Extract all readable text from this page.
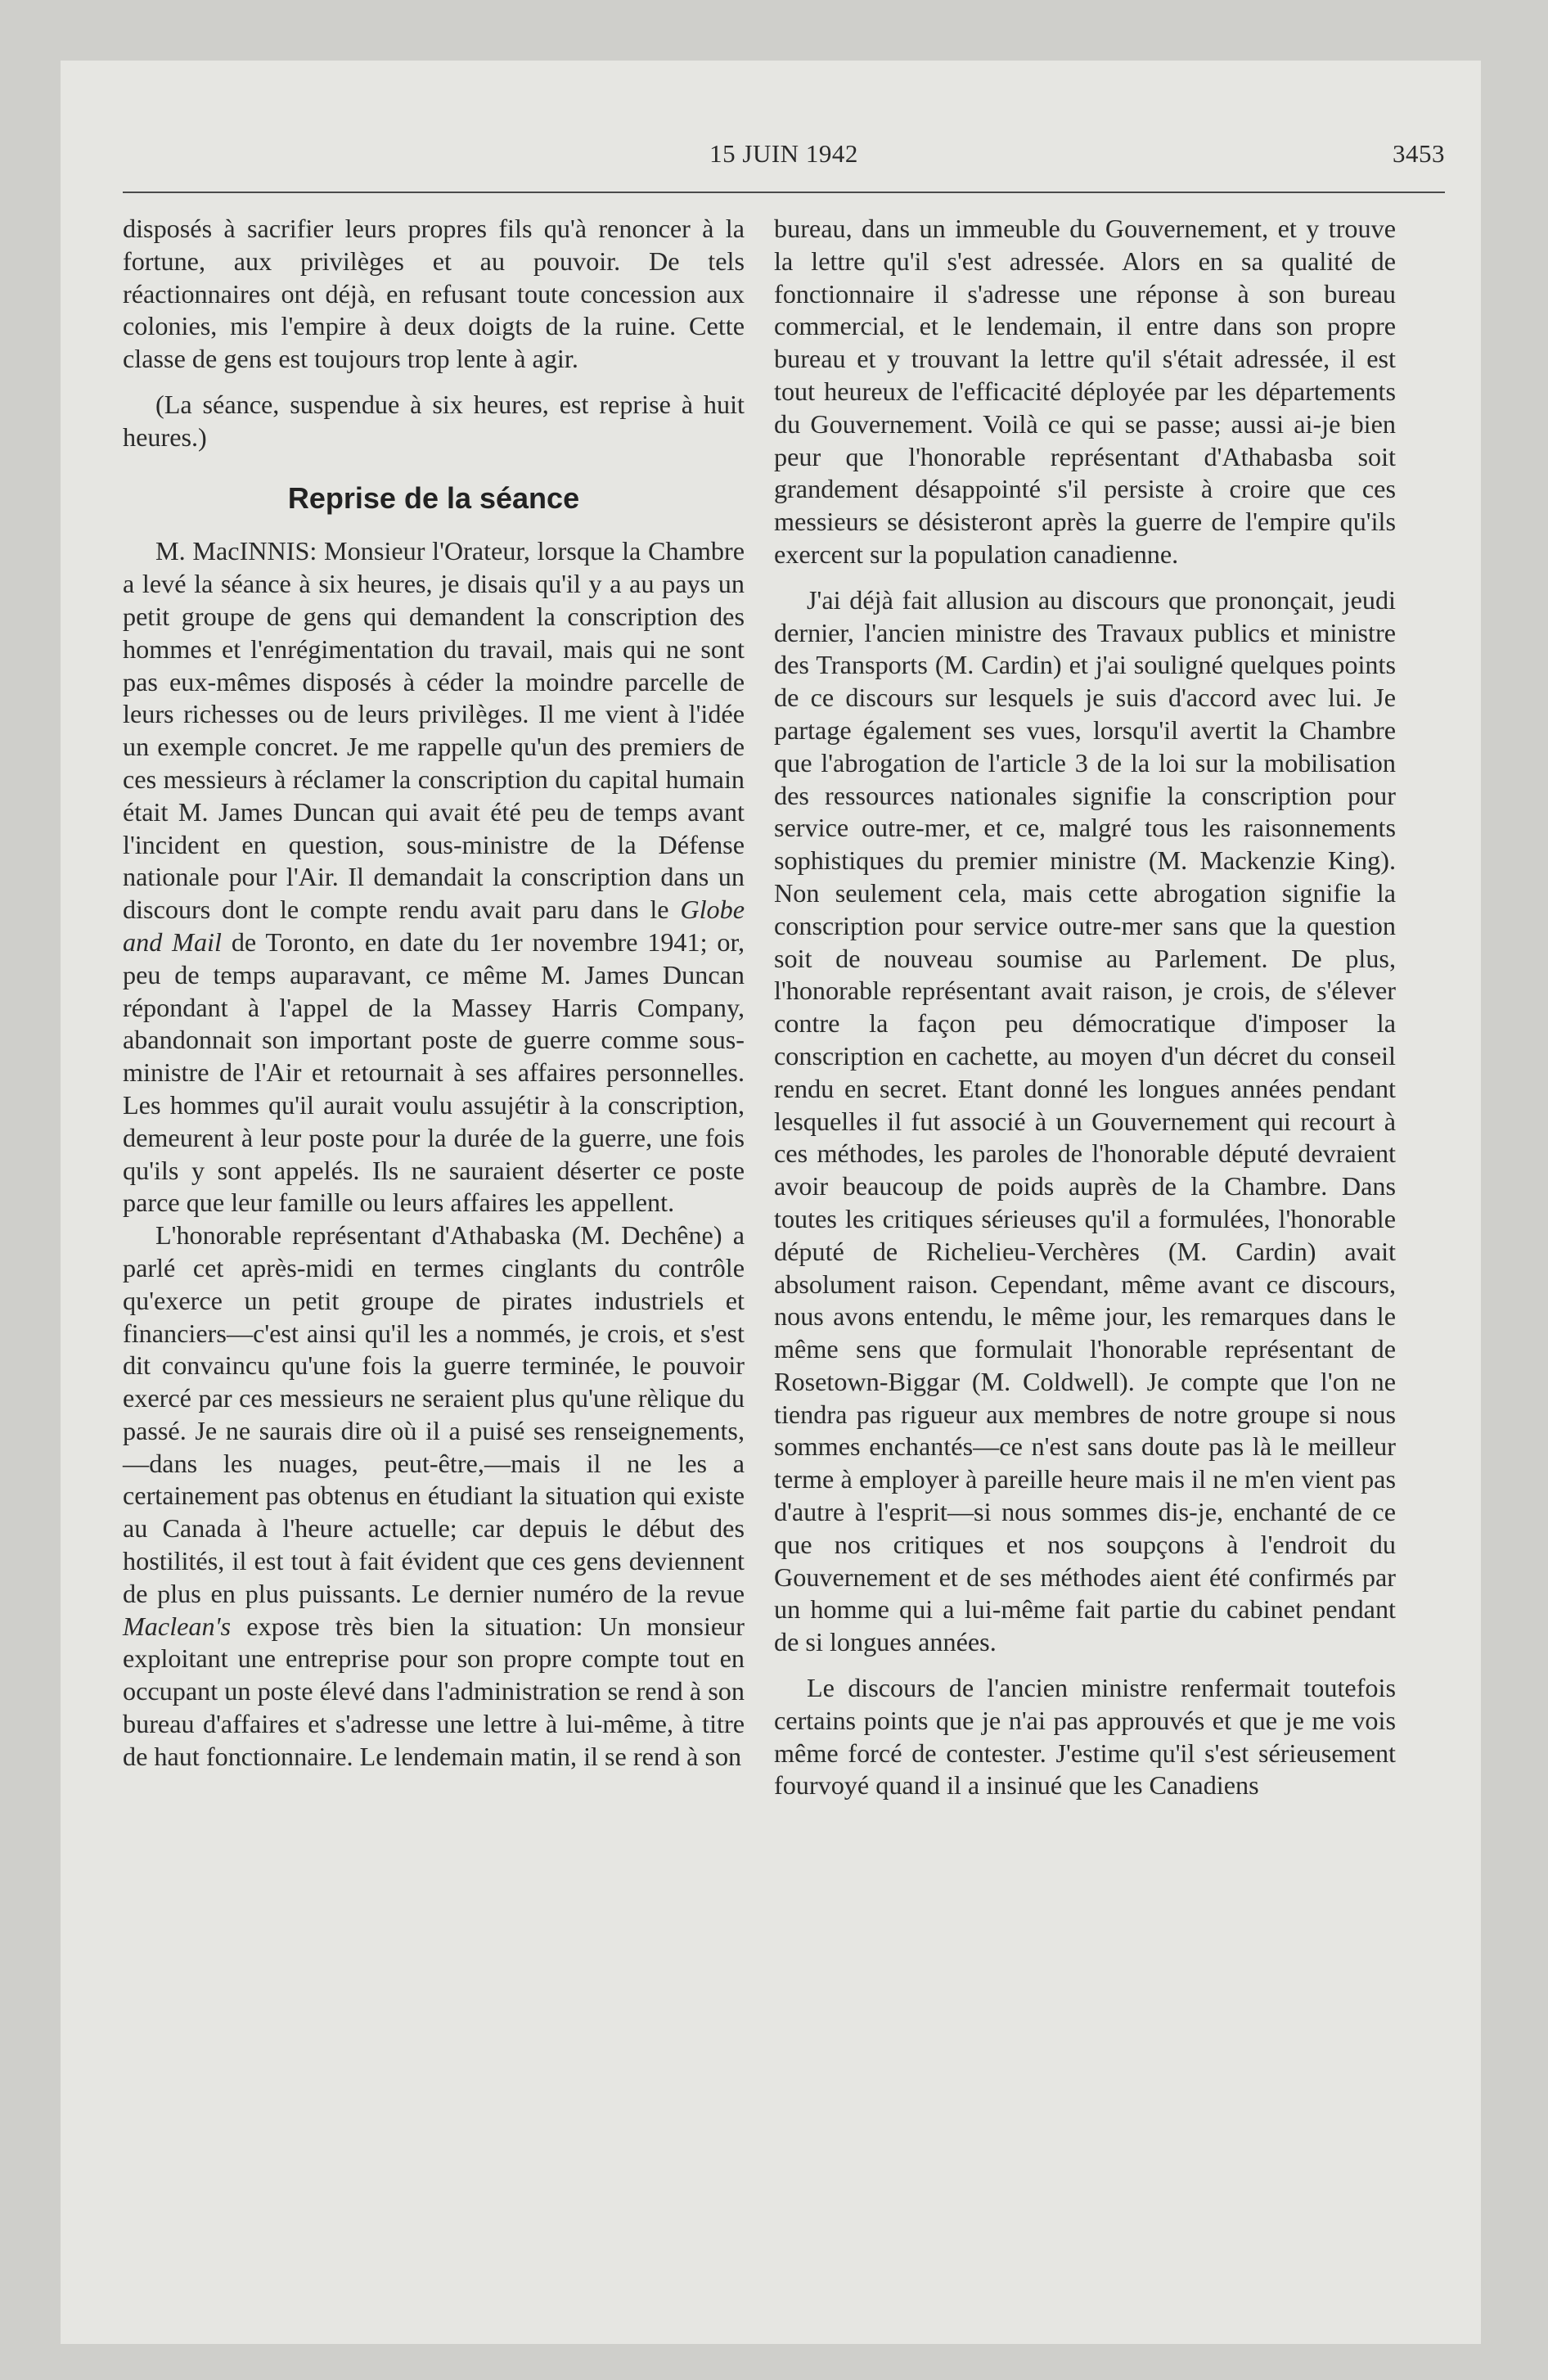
15 JUIN 1942	3453

disposés à sacrifier leurs propres fils qu'à renoncer à la fortune, aux privilèges et au pouvoir. De tels réactionnaires ont déjà, en refusant toute concession aux colonies, mis l'empire à deux doigts de la ruine. Cette classe de gens est toujours trop lente à agir.

(La séance, suspendue à six heures, est reprise à huit heures.)

Reprise de la séance

M. MacINNIS: Monsieur l'Orateur, lorsque la Chambre a levé la séance à six heures, je disais qu'il y a au pays un petit groupe de gens qui demandent la conscription des hommes et l'enrégimentation du travail, mais qui ne sont pas eux-mêmes disposés à céder la moindre parcelle de leurs richesses ou de leurs privilèges. Il me vient à l'idée un exemple concret. Je me rappelle qu'un des premiers de ces messieurs à réclamer la conscription du capital humain était M. James Duncan qui avait été peu de temps avant l'incident en question, sous-ministre de la Défense nationale pour l'Air. Il demandait la conscription dans un discours dont le compte rendu avait paru dans le Globe and Mail de Toronto, en date du 1er novembre 1941; or, peu de temps auparavant, ce même M. James Duncan répondant à l'appel de la Massey Harris Company, abandonnait son important poste de guerre comme sous-ministre de l'Air et retournait à ses affaires personnelles. Les hommes qu'il aurait voulu assujétir à la conscription, demeurent à leur poste pour la durée de la guerre, une fois qu'ils y sont appelés. Ils ne sauraient déserter ce poste parce que leur famille ou leurs affaires les appellent.

L'honorable représentant d'Athabaska (M. Dechêne) a parlé cet après-midi en termes cinglants du contrôle qu'exerce un petit groupe de pirates industriels et financiers—c'est ainsi qu'il les a nommés, je crois, et s'est dit convaincu qu'une fois la guerre terminée, le pouvoir exercé par ces messieurs ne seraient plus qu'une rèlique du passé. Je ne saurais dire où il a puisé ses renseignements,—dans les nuages, peut-être,—mais il ne les a certainement pas obtenus en étudiant la situation qui existe au Canada à l'heure actuelle; car depuis le début des hostilités, il est tout à fait évident que ces gens deviennent de plus en plus puissants. Le dernier numéro de la revue Maclean's expose très bien la situation: Un monsieur exploitant une entreprise pour son propre compte tout en occupant un poste élevé dans l'administration se rend à son bureau d'affaires et s'adresse une lettre à lui-même, à titre de haut fonctionnaire. Le lendemain matin, il se rend à son

bureau, dans un immeuble du Gouvernement, et y trouve la lettre qu'il s'est adressée. Alors en sa qualité de fonctionnaire il s'adresse une réponse à son bureau commercial, et le lendemain, il entre dans son propre bureau et y trouvant la lettre qu'il s'était adressée, il est tout heureux de l'efficacité déployée par les départements du Gouvernement. Voilà ce qui se passe; aussi ai-je bien peur que l'honorable représentant d'Athabasba soit grandement désappointé s'il persiste à croire que ces messieurs se désisteront après la guerre de l'empire qu'ils exercent sur la population canadienne.

J'ai déjà fait allusion au discours que prononçait, jeudi dernier, l'ancien ministre des Travaux publics et ministre des Transports (M. Cardin) et j'ai souligné quelques points de ce discours sur lesquels je suis d'accord avec lui. Je partage également ses vues, lorsqu'il avertit la Chambre que l'abrogation de l'article 3 de la loi sur la mobilisation des ressources nationales signifie la conscription pour service outre-mer, et ce, malgré tous les raisonnements sophistiques du premier ministre (M. Mackenzie King). Non seulement cela, mais cette abrogation signifie la conscription pour service outre-mer sans que la question soit de nouveau soumise au Parlement. De plus, l'honorable représentant avait raison, je crois, de s'élever contre la façon peu démocratique d'imposer la conscription en cachette, au moyen d'un décret du conseil rendu en secret. Etant donné les longues années pendant lesquelles il fut associé à un Gouvernement qui recourt à ces méthodes, les paroles de l'honorable député devraient avoir beaucoup de poids auprès de la Chambre. Dans toutes les critiques sérieuses qu'il a formulées, l'honorable député de Richelieu-Verchères (M. Cardin) avait absolument raison. Cependant, même avant ce discours, nous avons entendu, le même jour, les remarques dans le même sens que formulait l'honorable représentant de Rosetown-Biggar (M. Coldwell). Je compte que l'on ne tiendra pas rigueur aux membres de notre groupe si nous sommes enchantés—ce n'est sans doute pas là le meilleur terme à employer à pareille heure mais il ne m'en vient pas d'autre à l'esprit—si nous sommes dis-je, enchanté de ce que nos critiques et nos soupçons à l'endroit du Gouvernement et de ses méthodes aient été confirmés par un homme qui a lui-même fait partie du cabinet pendant de si longues années.

Le discours de l'ancien ministre renfermait toutefois certains points que je n'ai pas approuvés et que je me vois même forcé de contester. J'estime qu'il s'est sérieusement fourvoyé quand il a insinué que les Canadiens
